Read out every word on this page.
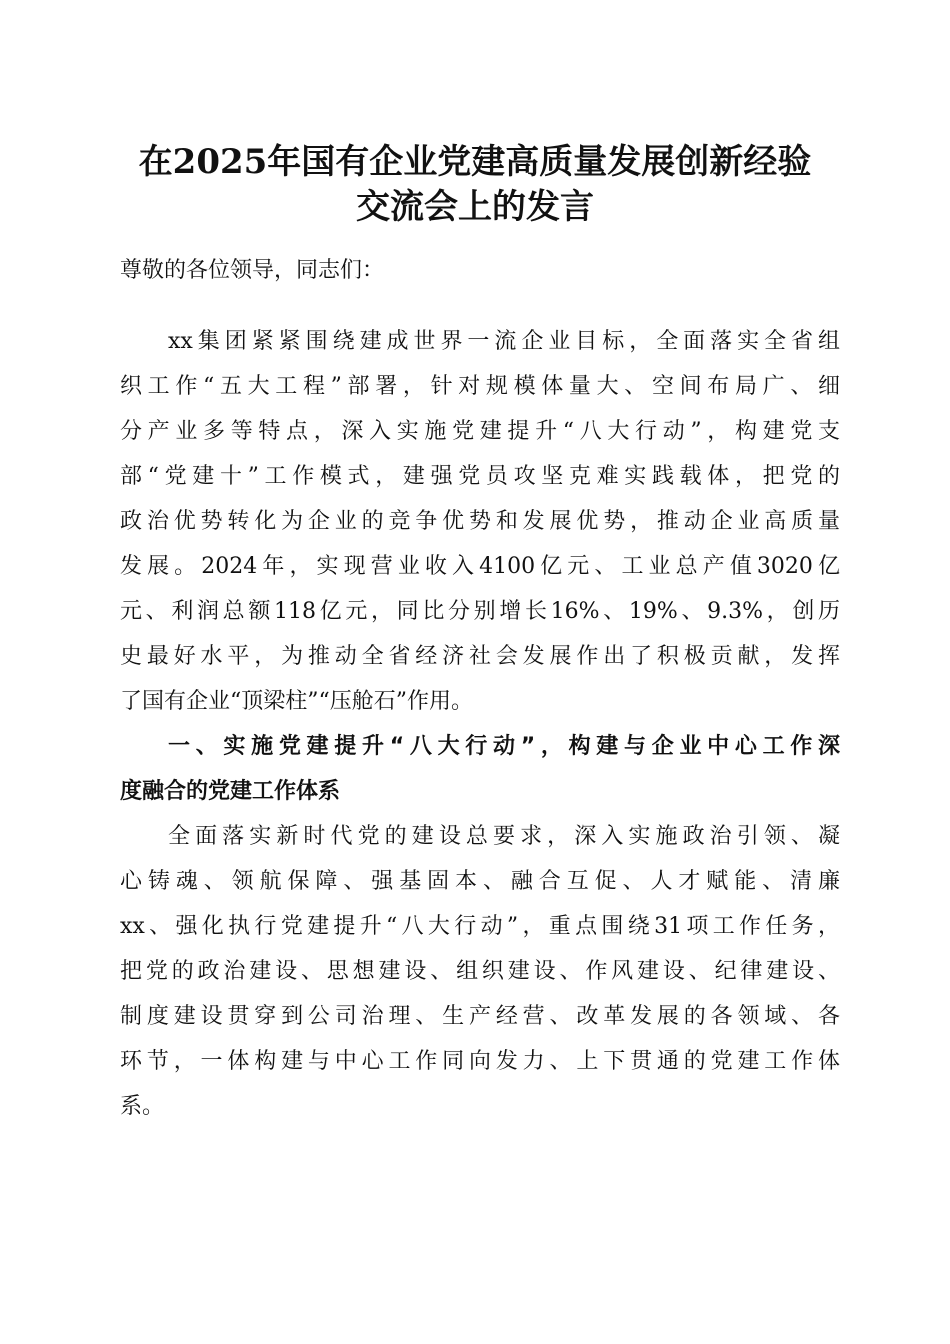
在2025年国有企业党建高质量发展创新经验
交流会上的发言
尊敬的各位领导，同志们：
xx集团紧紧围绕建成世界一流企业目标，全面落实全省组
织工作“五大工程”部署，针对规模体量大、空间布局广、细
分产业多等特点，深入实施党建提升“八大行动”，构建党支
部“党建十”工作模式，建强党员攻坚克难实践载体，把党的
政治优势转化为企业的竞争优势和发展优势，推动企业高质量
发展。2024年，实现营业收入4100亿元、工业总产值3020亿
元、利润总额118亿元，同比分别增长16%、19%、9.3%，创历
史最好水平，为推动全省经济社会发展作出了积极贡献，发挥
了国有企业“顶梁柱”“压舱石”作用。
一、实施党建提升“八大行动”，构建与企业中心工作深
度融合的党建工作体系
全面落实新时代党的建设总要求，深入实施政治引领、凝
心铸魂、领航保障、强基固本、融合互促、人才赋能、清廉
xx、强化执行党建提升“八大行动”，重点围绕31项工作任务，
把党的政治建设、思想建设、组织建设、作风建设、纪律建设、
制度建设贯穿到公司治理、生产经营、改革发展的各领域、各
环节，一体构建与中心工作同向发力、上下贯通的党建工作体
系。
